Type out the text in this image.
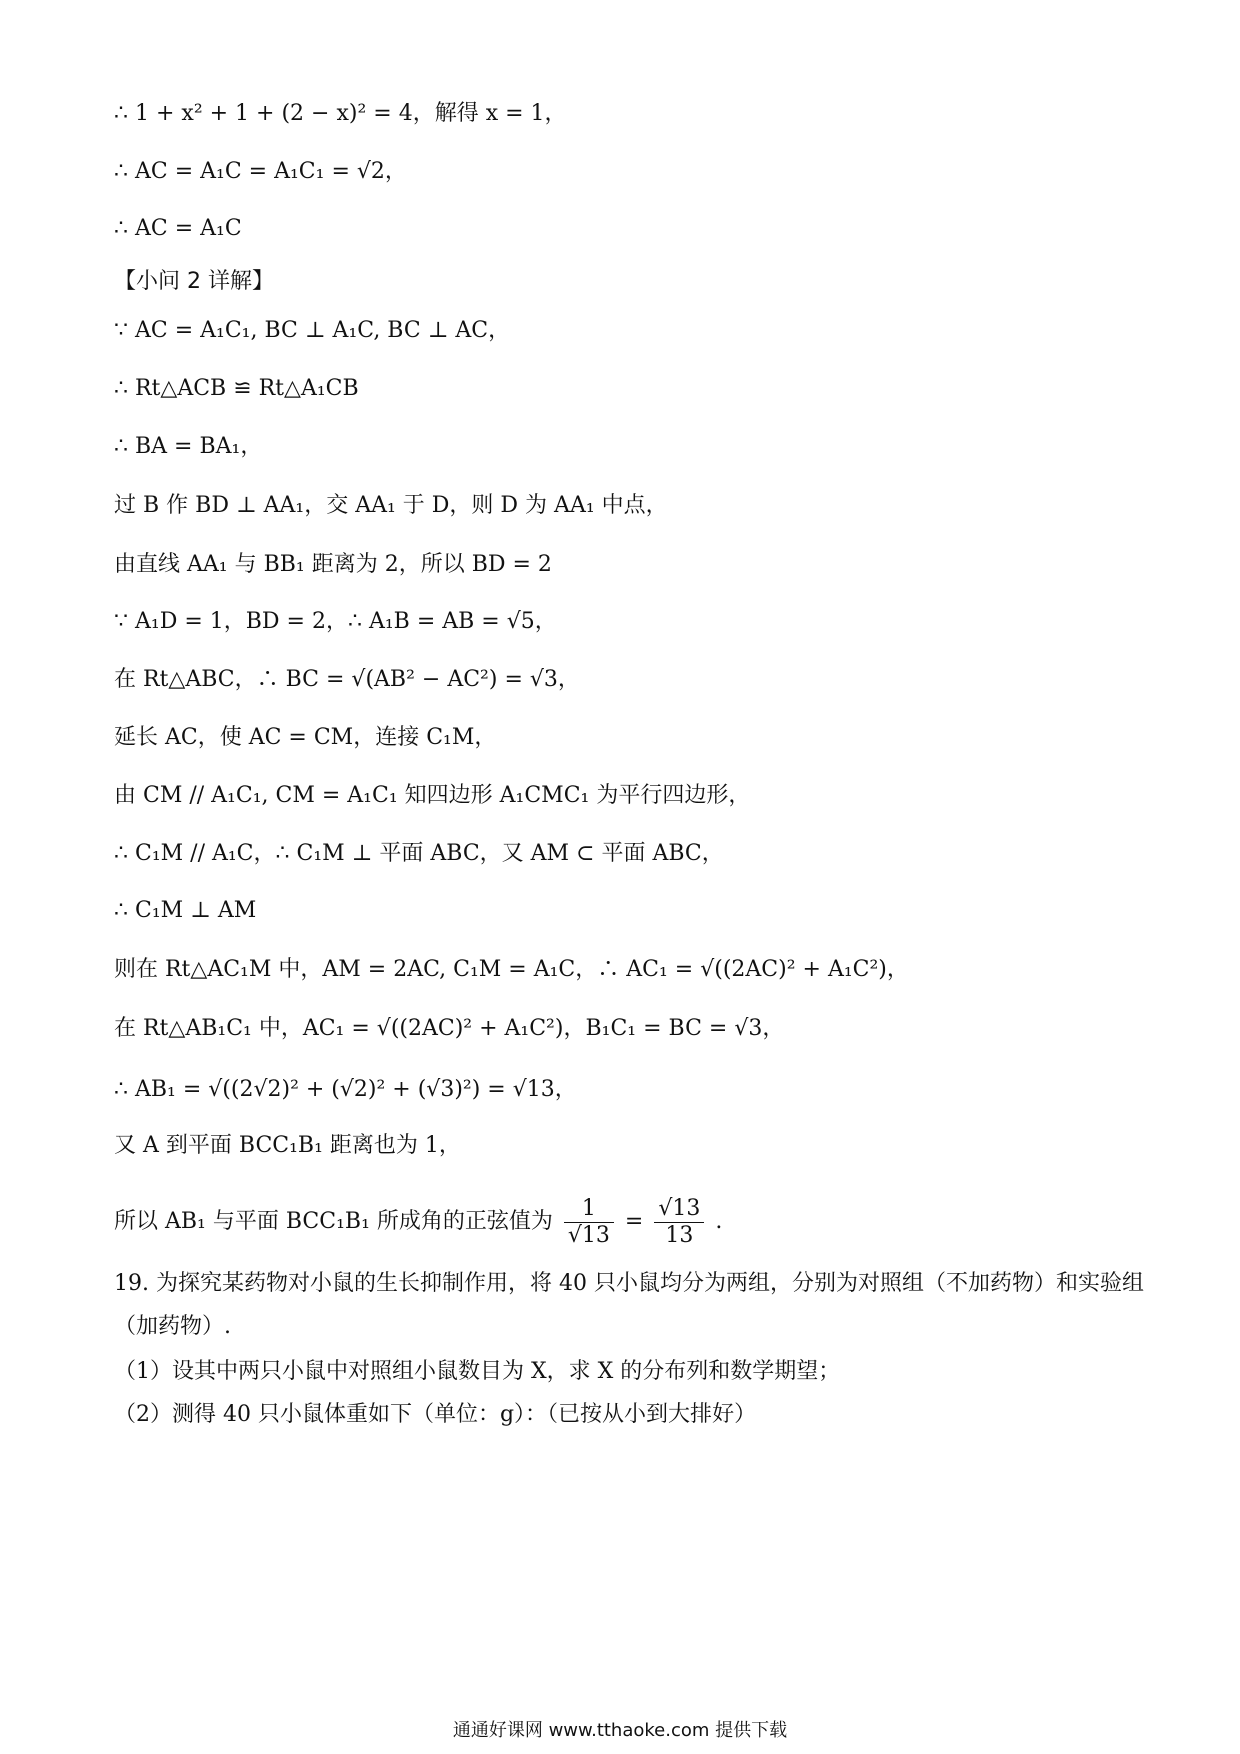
∴ 1 + x² + 1 + (2 − x)² = 4，解得 x = 1，
∴ AC = A₁C = A₁C₁ = √2，
∴ AC = A₁C
【小问 2 详解】
∵ AC = A₁C₁, BC ⊥ A₁C, BC ⊥ AC，
∴ Rt△ACB ≌ Rt△A₁CB
∴ BA = BA₁，
过 B 作 BD ⊥ AA₁，交 AA₁ 于 D，则 D 为 AA₁ 中点，
由直线 AA₁ 与 BB₁ 距离为 2，所以 BD = 2
∵ A₁D = 1，BD = 2，∴ A₁B = AB = √5，
在 Rt△ABC，∴ BC = √(AB² − AC²) = √3，
延长 AC，使 AC = CM，连接 C₁M，
由 CM // A₁C₁, CM = A₁C₁ 知四边形 A₁CMC₁ 为平行四边形，
∴ C₁M // A₁C，∴ C₁M ⊥ 平面 ABC，又 AM ⊂ 平面 ABC，
∴ C₁M ⊥ AM
则在 Rt△AC₁M 中，AM = 2AC, C₁M = A₁C，∴ AC₁ = √((2AC)² + A₁C²)，
在 Rt△AB₁C₁ 中，AC₁ = √((2AC)² + A₁C²)，B₁C₁ = BC = √3，
∴ AB₁ = √((2√2)² + (√2)² + (√3)²) = √13，
又 A 到平面 BCC₁B₁ 距离也为 1，
所以 AB₁ 与平面 BCC₁B₁ 所成角的正弦值为 $\frac{1}{√13} = \frac{√13}{13}$ .
19. 为探究某药物对小鼠的生长抑制作用，将 40 只小鼠均分为两组，分别为对照组（不加药物）和实验组
（加药物）.
（1）设其中两只小鼠中对照组小鼠数目为 X，求 X 的分布列和数学期望；
（2）测得 40 只小鼠体重如下（单位：g）：（已按从小到大排好）
通通好课网 www.tthaoke.com 提供下载
